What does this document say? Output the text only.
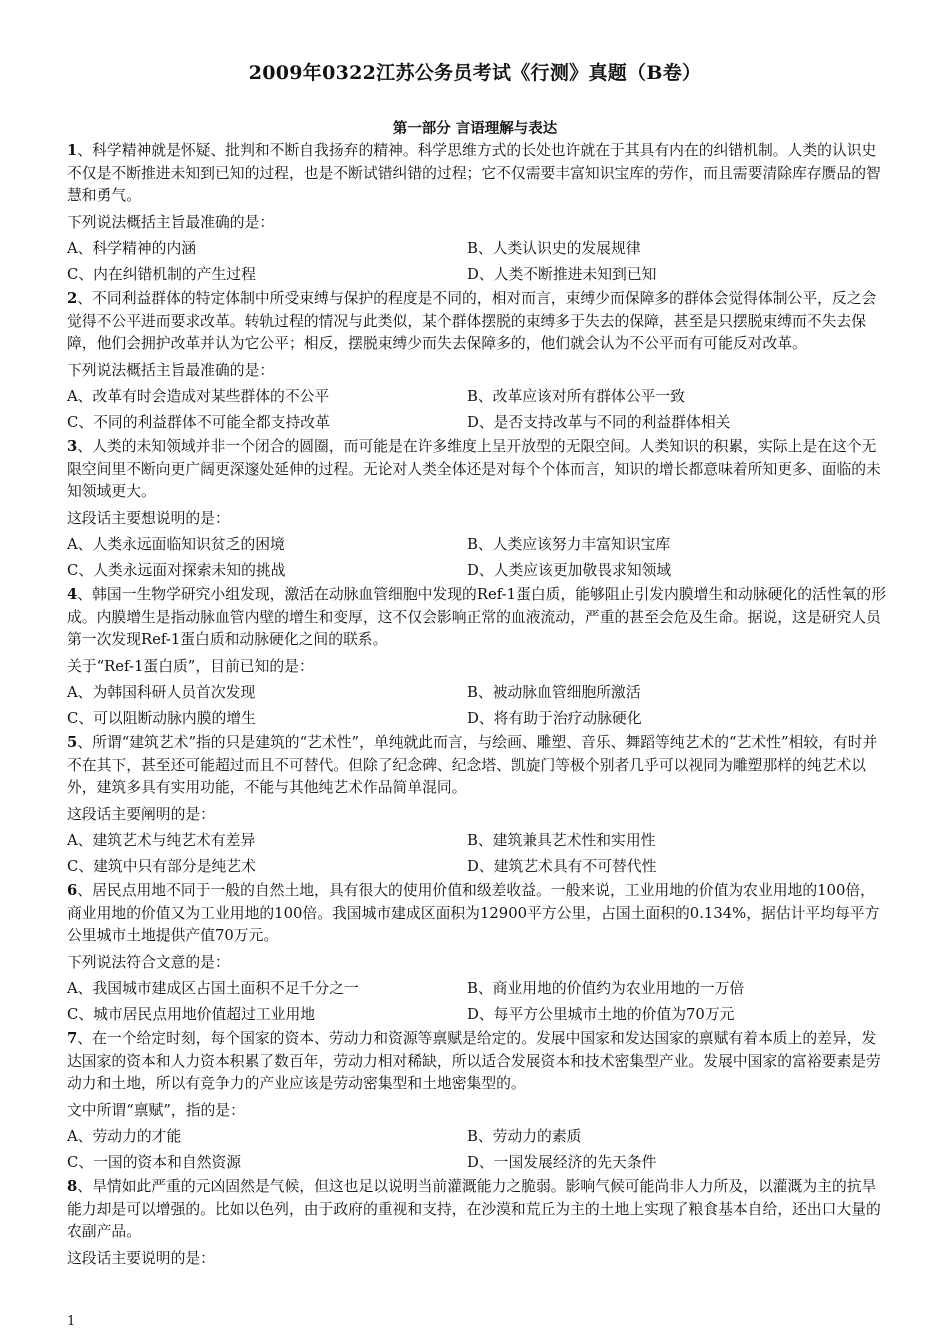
2009年0322江苏公务员考试《行测》真题（B卷）
第一部分 言语理解与表达

1、科学精神就是怀疑、批判和不断自我扬弃的精神。科学思维方式的长处也许就在于其具有内在的纠错机制。人类的认识史不仅是不断推进未知到已知的过程，也是不断试错纠错的过程；它不仅需要丰富知识宝库的劳作，而且需要清除库存赝品的智慧和勇气。

下列说法概括主旨最准确的是：

A、科学精神的内涵	B、人类认识史的发展规律
C、内在纠错机制的产生过程	D、人类不断推进未知到已知

2、不同利益群体的特定体制中所受束缚与保护的程度是不同的，相对而言，束缚少而保障多的群体会觉得体制公平，反之会觉得不公平进而要求改革。转轨过程的情况与此类似，某个群体摆脱的束缚多于失去的保障，甚至是只摆脱束缚而不失去保障，他们会拥护改革并认为它公平；相反，摆脱束缚少而失去保障多的，他们就会认为不公平而有可能反对改革。

下列说法概括主旨最准确的是：

A、改革有时会造成对某些群体的不公平	B、改革应该对所有群体公平一致
C、不同的利益群体不可能全都支持改革	D、是否支持改革与不同的利益群体相关

3、人类的未知领域并非一个闭合的圆圈，而可能是在许多维度上呈开放型的无限空间。人类知识的积累，实际上是在这个无限空间里不断向更广阔更深邃处延伸的过程。无论对人类全体还是对每个个体而言，知识的增长都意味着所知更多、面临的未知领域更大。

这段话主要想说明的是：

A、人类永远面临知识贫乏的困境	B、人类应该努力丰富知识宝库
C、人类永远面对探索未知的挑战	D、人类应该更加敬畏求知领域

4、韩国一生物学研究小组发现，激活在动脉血管细胞中发现的Ref-1蛋白质，能够阻止引发内膜增生和动脉硬化的活性氧的形成。内膜增生是指动脉血管内壁的增生和变厚，这不仅会影响正常的血液流动，严重的甚至会危及生命。据说，这是研究人员第一次发现Ref-1蛋白质和动脉硬化之间的联系。

关于“Ref-1蛋白质”，目前已知的是：

A、为韩国科研人员首次发现	B、被动脉血管细胞所激活
C、可以阻断动脉内膜的增生	D、将有助于治疗动脉硬化

5、所谓“建筑艺术”指的只是建筑的“艺术性”，单纯就此而言，与绘画、雕塑、音乐、舞蹈等纯艺术的“艺术性”相较，有时并不在其下，甚至还可能超过而且不可替代。但除了纪念碑、纪念塔、凯旋门等极个别者几乎可以视同为雕塑那样的纯艺术以外，建筑多具有实用功能，不能与其他纯艺术作品简单混同。

这段话主要阐明的是：

A、建筑艺术与纯艺术有差异	B、建筑兼具艺术性和实用性
C、建筑中只有部分是纯艺术	D、建筑艺术具有不可替代性

6、居民点用地不同于一般的自然土地，具有很大的使用价值和级差收益。一般来说，工业用地的价值为农业用地的100倍，商业用地的价值又为工业用地的100倍。我国城市建成区面积为12900平方公里，占国土面积的0.134%，据估计平均每平方公里城市土地提供产值70万元。

下列说法符合文意的是：

A、我国城市建成区占国土面积不足千分之一	B、商业用地的价值约为农业用地的一万倍
C、城市居民点用地价值超过工业用地	D、每平方公里城市土地的价值为70万元

7、在一个给定时刻，每个国家的资本、劳动力和资源等禀赋是给定的。发展中国家和发达国家的禀赋有着本质上的差异，发达国家的资本和人力资本积累了数百年，劳动力相对稀缺，所以适合发展资本和技术密集型产业。发展中国家的富裕要素是劳动力和土地，所以有竞争力的产业应该是劳动密集型和土地密集型的。

文中所谓“禀赋”，指的是：

A、劳动力的才能	B、劳动力的素质
C、一国的资本和自然资源	D、一国发展经济的先天条件

8、旱情如此严重的元凶固然是气候，但这也足以说明当前灌溉能力之脆弱。影响气候可能尚非人力所及，以灌溉为主的抗旱能力却是可以增强的。比如以色列，由于政府的重视和支持，在沙漠和荒丘为主的土地上实现了粮食基本自给，还出口大量的农副产品。

这段话主要说明的是：

1
